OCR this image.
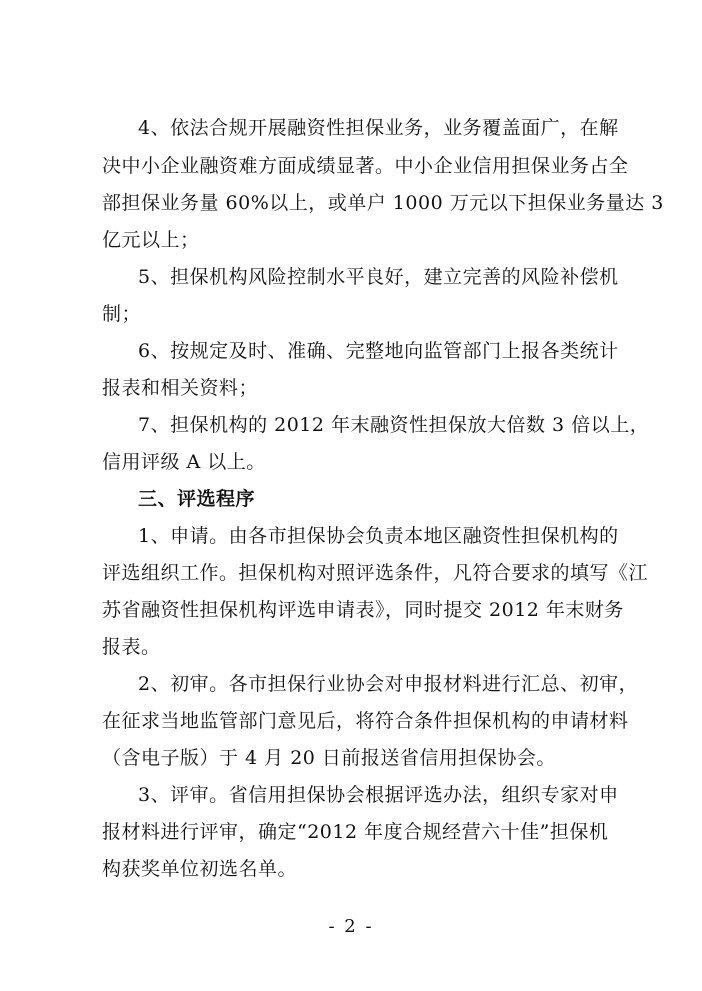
4、依法合规开展融资性担保业务，业务覆盖面广，在解
决中小企业融资难方面成绩显著。中小企业信用担保业务占全
部担保业务量 60%以上，或单户 1000 万元以下担保业务量达 3
亿元以上；
5、担保机构风险控制水平良好，建立完善的风险补偿机
制；
6、按规定及时、准确、完整地向监管部门上报各类统计
报表和相关资料；
7、担保机构的 2012 年末融资性担保放大倍数 3 倍以上，
信用评级 A 以上。
三、评选程序
1、申请。由各市担保协会负责本地区融资性担保机构的
评选组织工作。担保机构对照评选条件，凡符合要求的填写《江
苏省融资性担保机构评选申请表》，同时提交 2012 年末财务
报表。
2、初审。各市担保行业协会对申报材料进行汇总、初审，
在征求当地监管部门意见后，将符合条件担保机构的申请材料
（含电子版）于 4 月 20 日前报送省信用担保协会。
3、评审。省信用担保协会根据评选办法，组织专家对申
报材料进行评审，确定“2012 年度合规经营六十佳”担保机
构获奖单位初选名单。
- 2 -
